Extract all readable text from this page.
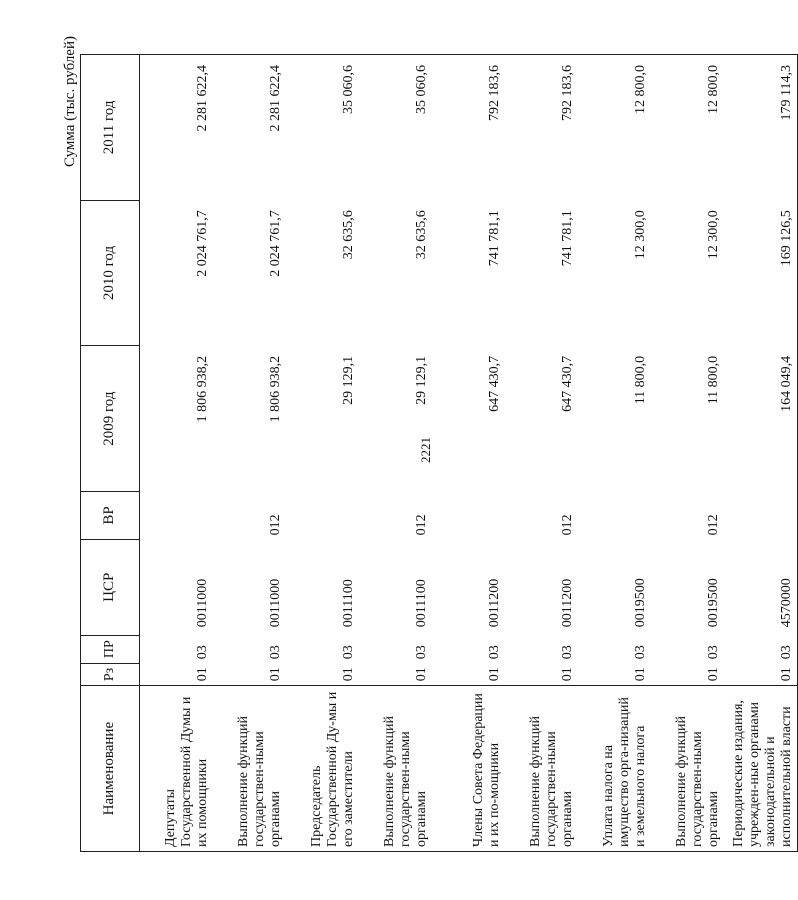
2221
Сумма (тыс. рублей)
Наименование	Рз	ПР	ЦСР	ВР	2009 год	2010 год	2011 год
Депутаты Государственной Думы и их помощники	01	03	0011000		1 806 938,2	2 024 761,7	2 281 622,4
Выполнение функций государствен-ными органами	01	03	0011000	012	1 806 938,2	2 024 761,7	2 281 622,4
Председатель Государственной Ду-мы и его заместители	01	03	0011100		29 129,1	32 635,6	35 060,6
Выполнение функций государствен-ными органами	01	03	0011100	012	29 129,1	32 635,6	35 060,6
Члены Совета Федерации и их по-мощники	01	03	0011200		647 430,7	741 781,1	792 183,6
Выполнение функций государствен-ными органами	01	03	0011200	012	647 430,7	741 781,1	792 183,6
Уплата налога на имущество орга-низаций и земельного налога	01	03	0019500		11 800,0	12 300,0	12 800,0
Выполнение функций государствен-ными органами	01	03	0019500	012	11 800,0	12 300,0	12 800,0
Периодические издания, учрежден-ные органами законодательной и исполнительной власти	01	03	4570000		164 049,4	169 126,5	179 114,3
